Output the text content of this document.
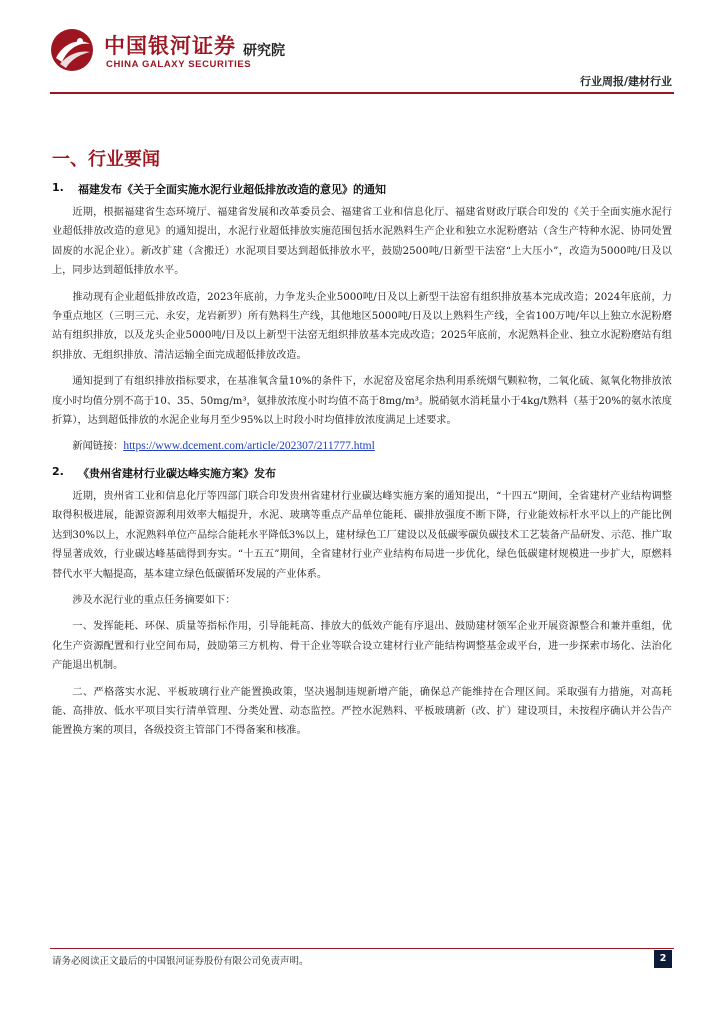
中国银河证券
CHINA GALAXY SECURITIES
研究院
行业周报/建材行业
一、行业要闻
1.	福建发布《关于全面实施水泥行业超低排放改造的意见》的通知

近期，根据福建省生态环境厅、福建省发展和改革委员会、福建省工业和信息化厅、福建省财政厅联合印发的《关于全面实施水泥行业超低排放改造的意见》的通知提出，水泥行业超低排放实施范围包括水泥熟料生产企业和独立水泥粉磨站（含生产特种水泥、协同处置固废的水泥企业）。新改扩建（含搬迁）水泥项目要达到超低排放水平，鼓励2500吨/日新型干法窑“上大压小”，改造为5000吨/日及以上，同步达到超低排放水平。

推动现有企业超低排放改造，2023年底前，力争龙头企业5000吨/日及以上新型干法窑有组织排放基本完成改造；2024年底前，力争重点地区（三明三元、永安，龙岩新罗）所有熟料生产线，其他地区5000吨/日及以上熟料生产线，全省100万吨/年以上独立水泥粉磨站有组织排放，以及龙头企业5000吨/日及以上新型干法窑无组织排放基本完成改造；2025年底前，水泥熟料企业、独立水泥粉磨站有组织排放、无组织排放、清洁运输全面完成超低排放改造。

通知提到了有组织排放指标要求，在基准氧含量10%的条件下，水泥窑及窑尾余热利用系统烟气颗粒物，二氧化硫、氮氧化物排放浓度小时均值分别不高于10、35、50mg/m³，氨排放浓度小时均值不高于8mg/m³。脱硝氨水消耗量小于4kg/t熟料（基于20%的氨水浓度折算），达到超低排放的水泥企业每月至少95%以上时段小时均值排放浓度满足上述要求。

新闻链接：https://www.dcement.com/article/202307/211777.html

2.	《贵州省建材行业碳达峰实施方案》发布

近期，贵州省工业和信息化厅等四部门联合印发贵州省建材行业碳达峰实施方案的通知提出，“十四五”期间，全省建材产业结构调整取得积极进展，能源资源利用效率大幅提升，水泥、玻璃等重点产品单位能耗、碳排放强度不断下降，行业能效标杆水平以上的产能比例达到30%以上，水泥熟料单位产品综合能耗水平降低3%以上，建材绿色工厂建设以及低碳零碳负碳技术工艺装备产品研发、示范、推广取得显著成效，行业碳达峰基础得到夯实。“十五五”期间，全省建材行业产业结构布局进一步优化，绿色低碳建材规模进一步扩大，原燃料替代水平大幅提高，基本建立绿色低碳循环发展的产业体系。

涉及水泥行业的重点任务摘要如下：

一、发挥能耗、环保、质量等指标作用，引导能耗高、排放大的低效产能有序退出、鼓励建材领军企业开展资源整合和兼并重组，优化生产资源配置和行业空间布局，鼓励第三方机构、骨干企业等联合设立建材行业产能结构调整基金或平台，进一步探索市场化、法治化产能退出机制。

二、严格落实水泥、平板玻璃行业产能置换政策，坚决遏制违规新增产能，确保总产能维持在合理区间。采取强有力措施，对高耗能、高排放、低水平项目实行清单管理、分类处置、动态监控。严控水泥熟料、平板玻璃新（改、扩）建设项目，未按程序确认并公告产能置换方案的项目，各级投资主管部门不得备案和核准。

请务必阅读正文最后的中国银河证券股份有限公司免责声明。	2
